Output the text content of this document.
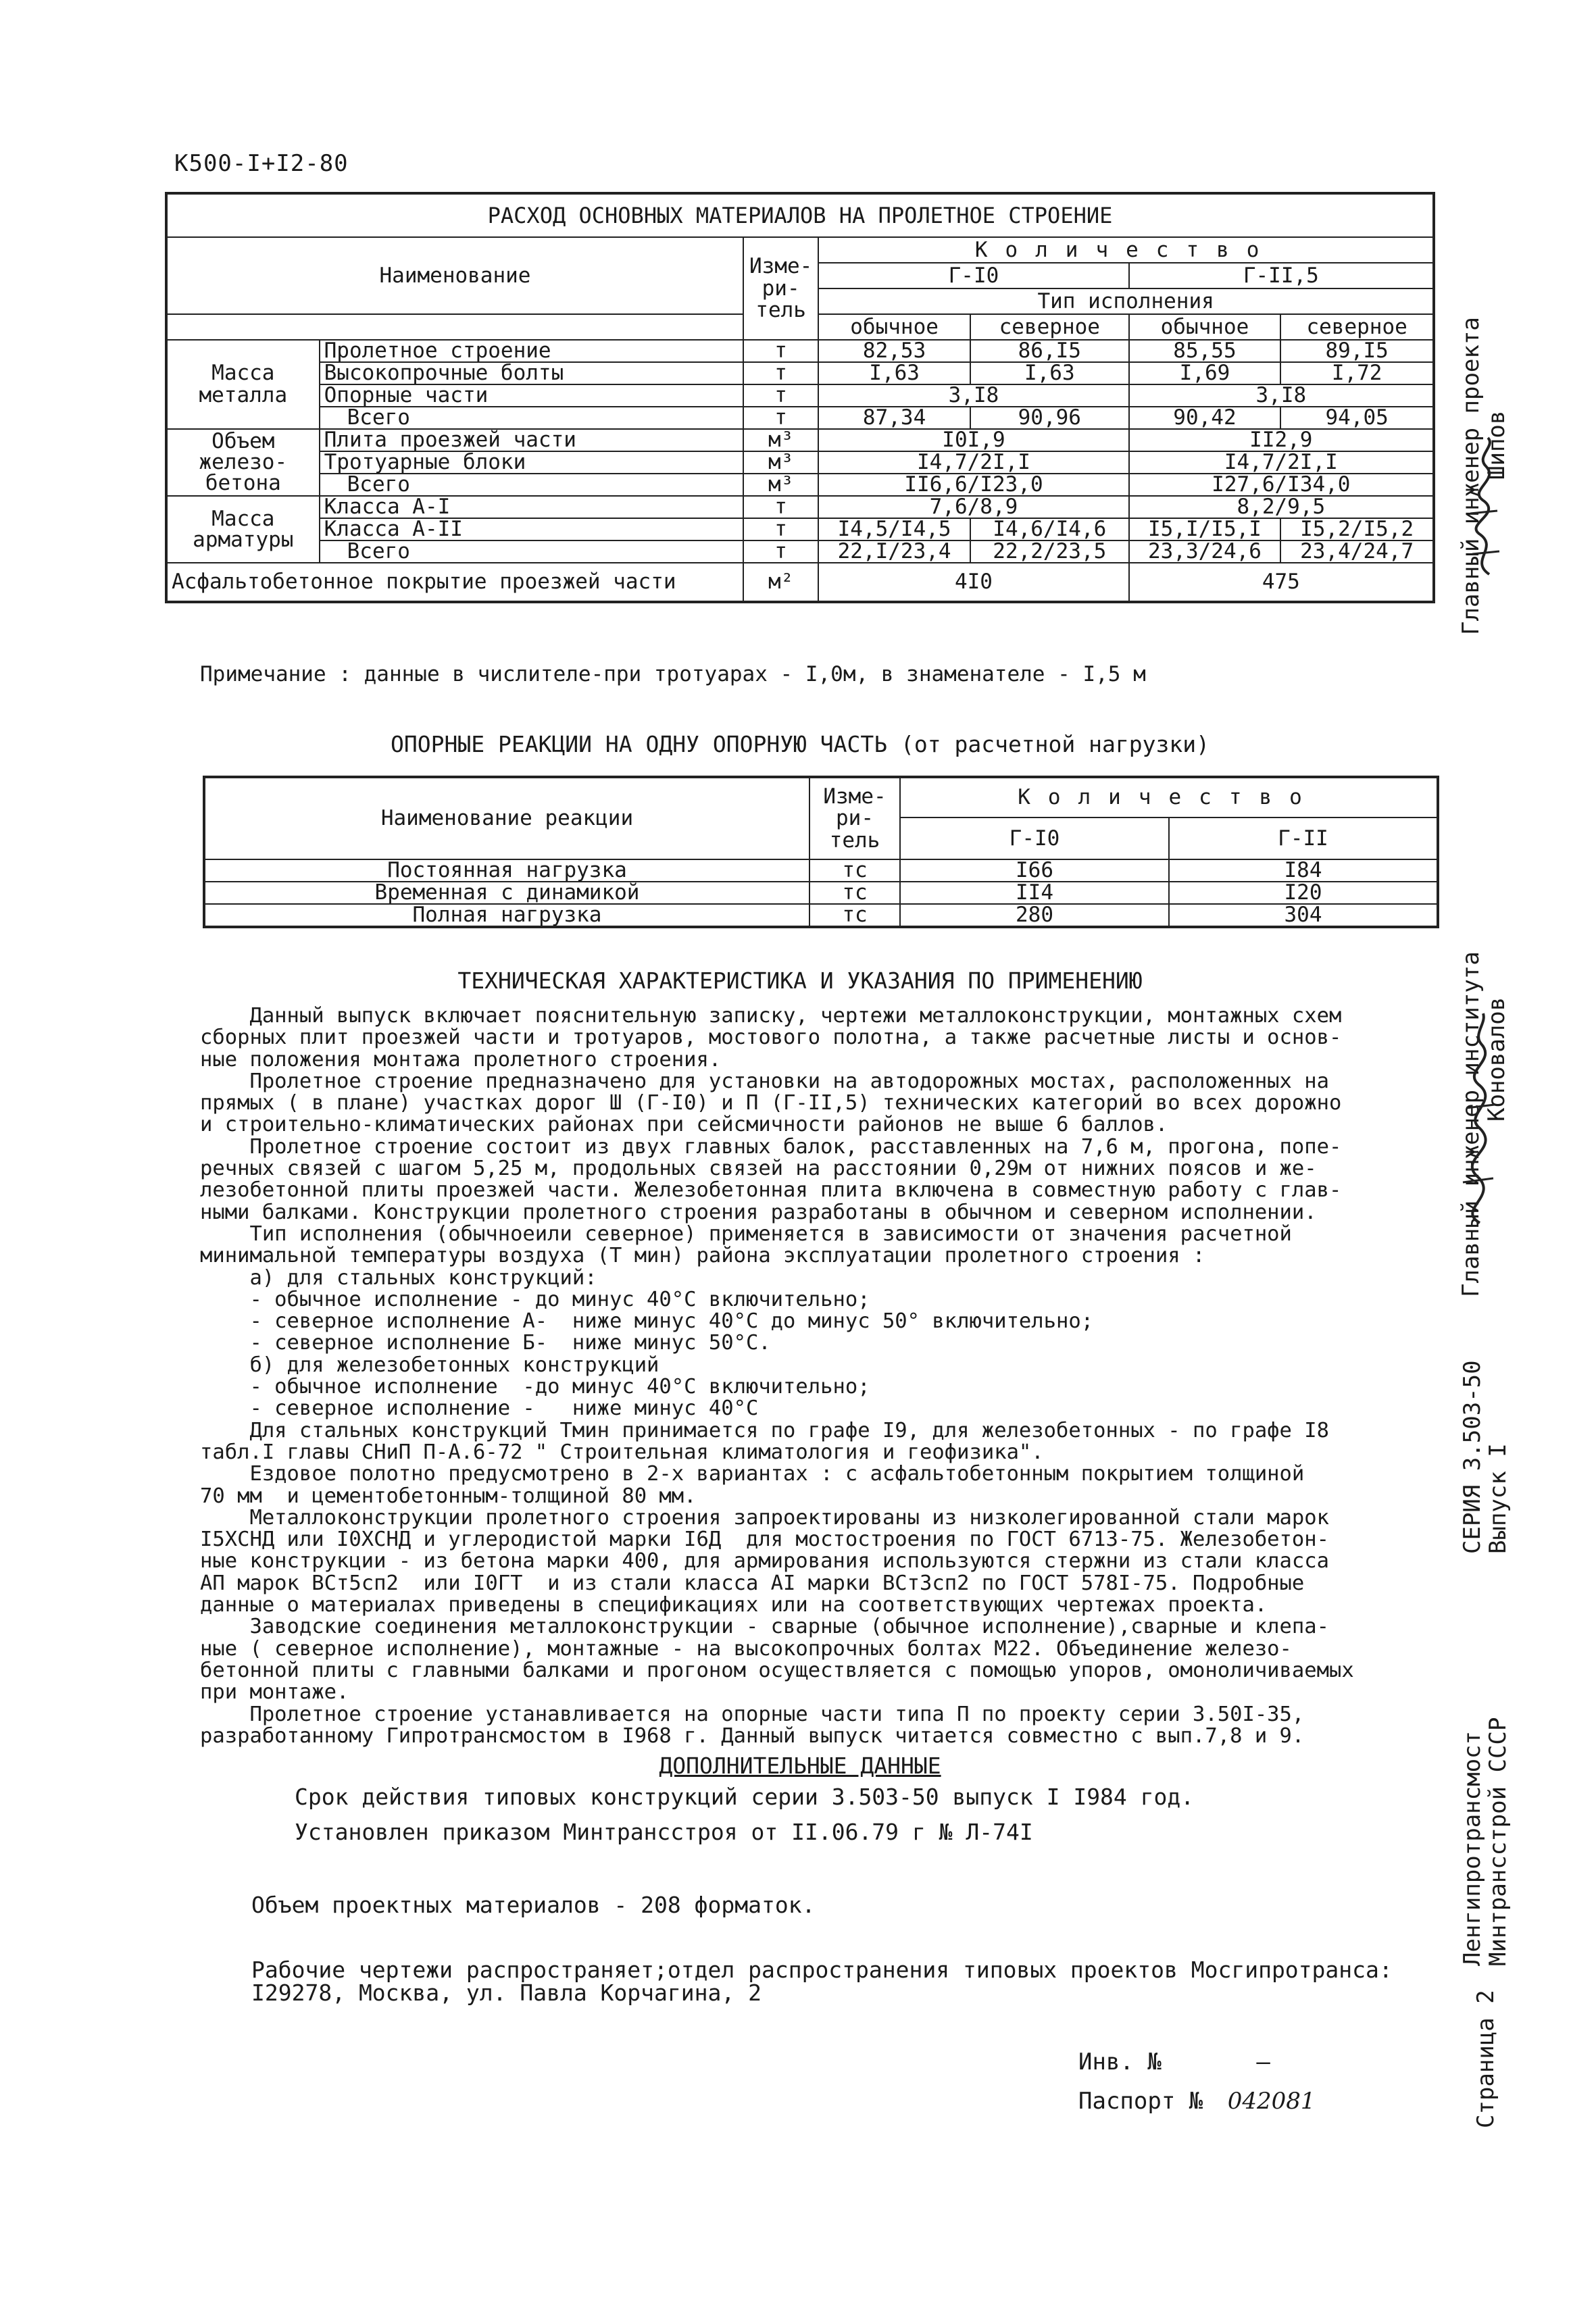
К500-I+I2-80
РАСХОД ОСНОВНЫХ МАТЕРИАЛОВ НА ПРОЛЕТНОЕ СТРОЕНИЕ						
Наименование		Изме-
ри-
тель	Количество			
			Г-I0		Г-II,5	
			Тип исполнения			
			обычное	северное	обычное	северное
Масса
металла	Пролетное строение	т	82,53	86,I5	85,55	89,I5
	Высокопрочные болты	т	I,63	I,63	I,69	I,72
	Опорные части	т	3,I8		3,I8	
	Всего	т	87,34	90,96	90,42	94,05
Объем
железо-
бетона	Плита проезжей части	м³	I0I,9		II2,9	
	Тротуарные блоки	м³	I4,7/2I,I		I4,7/2I,I	
	Всего	м³	II6,6/I23,0		I27,6/I34,0	
Масса
арматуры	Класса А-I	т	7,6/8,9		8,2/9,5	
	Класса А-II	т	I4,5/I4,5	I4,6/I4,6	I5,I/I5,I	I5,2/I5,2
	Всего	т	22,I/23,4	22,2/23,5	23,3/24,6	23,4/24,7
Асфальтобетонное покрытие проезжей части		м²	4I0		475	
Примечание : данные в числителе-при тротуарах - I,0м, в знаменателе - I,5 м
ОПОРНЫЕ РЕАКЦИИ НА ОДНУ ОПОРНУЮ ЧАСТЬ (от расчетной нагрузки)
Наименование реакции	Изме-
ри-
тель	Количество	
		Г-I0	Г-II
Постоянная нагрузка	тс	I66	I84
Временная с динамикой	тс	II4	I20
Полная нагрузка	тс	280	304
ТЕХНИЧЕСКАЯ ХАРАКТЕРИСТИКА И УКАЗАНИЯ ПО ПРИМЕНЕНИЮ

Данный выпуск включает пояснительную записку, чертежи металлоконструкции, монтажных схем

сборных плит проезжей части и тротуаров, мостового полотна, а также расчетные листы и основ-

ные положения монтажа пролетного строения.

Пролетное строение предназначено для установки на автодорожных мостах, расположенных на

прямых ( в плане) участках дорог Ш (Г-I0) и П (Г-II,5) технических категорий во всех дорожно

и строительно-климатических районах при сейсмичности районов не выше 6 баллов.

Пролетное строение состоит из двух главных балок, расставленных на 7,6 м, прогона, попе-

речных связей с шагом 5,25 м, продольных связей на расстоянии 0,29м от нижних поясов и же-

лезобетонной плиты проезжей части. Железобетонная плита включена в совместную работу с глав-

ными балками. Конструкции пролетного строения разработаны в обычном и северном исполнении.

Тип исполнения (обычноеили северное) применяется в зависимости от значения расчетной

минимальной температуры воздуха (Т мин) района эксплуатации пролетного строения :

а) для стальных конструкций:

- обычное исполнение - до минус 40°С включительно;

- северное исполнение А-  ниже минус 40°С до минус 50° включительно;

- северное исполнение Б-  ниже минус 50°С.

б) для железобетонных конструкций

- обычное исполнение  -до минус 40°С включительно;

- северное исполнение -   ниже минус 40°С

Для стальных конструкций Тмин принимается по графе I9, для железобетонных - по графе I8

табл.I главы СНиП П-А.6-72 " Строительная климатология и геофизика".

Ездовое полотно предусмотрено в 2-х вариантах : с асфальтобетонным покрытием толщиной

70 мм  и цементобетонным-толщиной 80 мм.

Металлоконструкции пролетного строения запроектированы из низколегированной стали марок

I5ХСНД или I0ХСНД и углеродистой марки I6Д  для мостостроения по ГОСТ 6713-75. Железобетон-

ные конструкции - из бетона марки 400, для армирования используются стержни из стали класса

АП марок ВСт5сп2  или I0ГТ  и из стали класса АI марки ВСт3сп2 по ГОСТ 578I-75. Подробные

данные о материалах приведены в спецификациях или на соответствующих чертежах проекта.

Заводские соединения металлоконструкции - сварные (обычное исполнение),сварные и клепа-

ные ( северное исполнение), монтажные - на высокопрочных болтах М22. Объединение железо-

бетонной плиты с главными балками и прогоном осуществляется с помощью упоров, омоноличиваемых

при монтаже.

Пролетное строение устанавливается на опорные части типа П по проекту серии 3.50I-35,

разработанному Гипротрансмостом в I968 г. Данный выпуск читается совместно с вып.7,8 и 9.

ДОПОЛНИТЕЛЬНЫЕ ДАННЫЕ
Срок действия типовых конструкций серии 3.503-50 выпуск I I984 год.
Установлен приказом Минтрансстроя от II.06.79 г № Л-74I
Объем проектных материалов - 208 форматок.
Рабочие чертежи распространяет;отдел распространения типовых проектов Мосгипротранса:
I29278, Москва, ул. Павла Корчагина, 2
Инв. №	–
Паспорт № 042081
Главный инженер проекта
Шипов
Главный инженер института
Коновалов
СЕРИЯ 3.503-50
Выпуск I
Ленгипротрансмост
Минтрансстрой СССР
Страница 2
